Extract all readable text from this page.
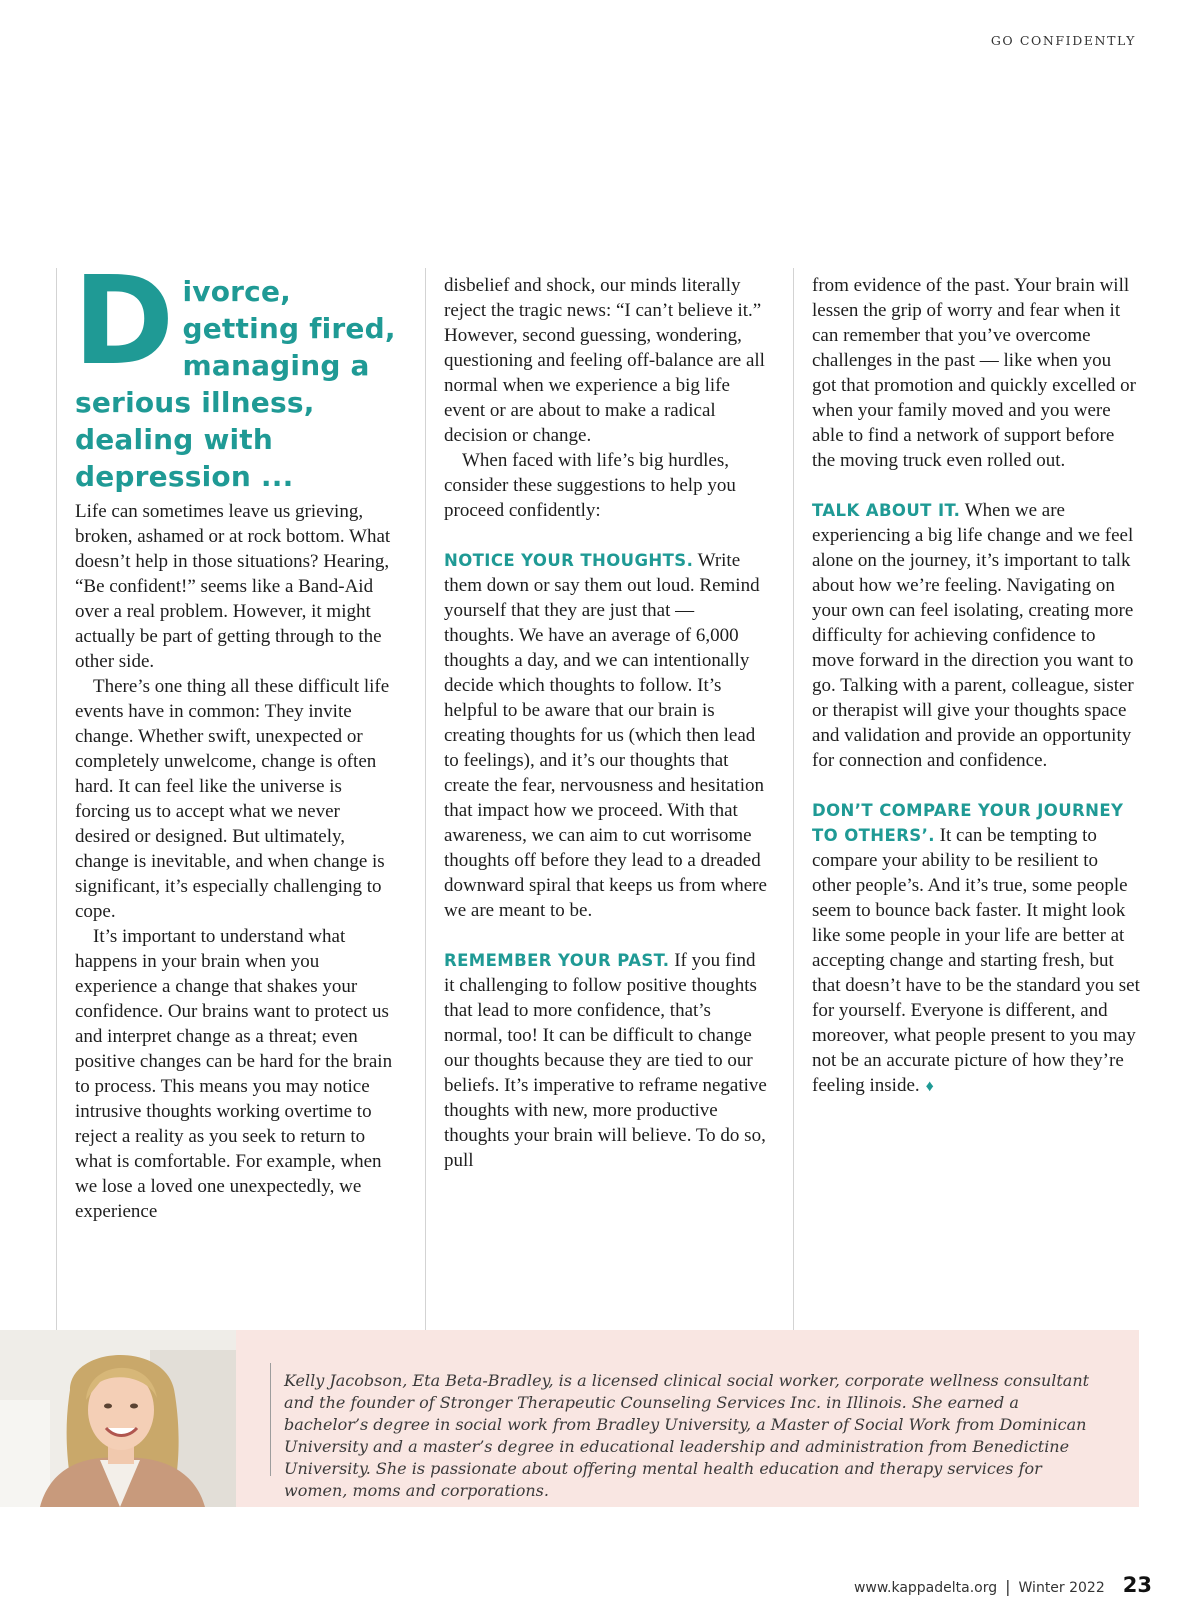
GO CONFIDENTLY
Divorce, getting fired, managing a serious illness, dealing with depression ...

Life can sometimes leave us grieving, broken, ashamed or at rock bottom. What doesn’t help in those situations? Hearing, “Be confident!” seems like a Band-Aid over a real problem. However, it might actually be part of getting through to the other side.

There’s one thing all these difficult life events have in common: They invite change. Whether swift, unexpected or completely unwelcome, change is often hard. It can feel like the universe is forcing us to accept what we never desired or designed. But ultimately, change is inevitable, and when change is significant, it’s especially challenging to cope.

It’s important to understand what happens in your brain when you experience a change that shakes your confidence. Our brains want to protect us and interpret change as a threat; even positive changes can be hard for the brain to process. This means you may notice intrusive thoughts working overtime to reject a reality as you seek to return to what is comfortable. For example, when we lose a loved one unexpectedly, we experience

disbelief and shock, our minds literally reject the tragic news: “I can’t believe it.” However, second guessing, wondering, questioning and feeling off-balance are all normal when we experience a big life event or are about to make a radical decision or change.

When faced with life’s big hurdles, consider these suggestions to help you proceed confidently:

NOTICE YOUR THOUGHTS. Write them down or say them out loud. Remind yourself that they are just that — thoughts. We have an average of 6,000 thoughts a day, and we can intentionally decide which thoughts to follow. It’s helpful to be aware that our brain is creating thoughts for us (which then lead to feelings), and it’s our thoughts that create the fear, nervousness and hesitation that impact how we proceed. With that awareness, we can aim to cut worrisome thoughts off before they lead to a dreaded downward spiral that keeps us from where we are meant to be.

REMEMBER YOUR PAST. If you find it challenging to follow positive thoughts that lead to more confidence, that’s normal, too! It can be difficult to change our thoughts because they are tied to our beliefs. It’s imperative to reframe negative thoughts with new, more productive thoughts your brain will believe. To do so, pull

from evidence of the past. Your brain will lessen the grip of worry and fear when it can remember that you’ve overcome challenges in the past — like when you got that promotion and quickly excelled or when your family moved and you were able to find a network of support before the moving truck even rolled out.

TALK ABOUT IT. When we are experiencing a big life change and we feel alone on the journey, it’s important to talk about how we’re feeling. Navigating on your own can feel isolating, creating more difficulty for achieving confidence to move forward in the direction you want to go. Talking with a parent, colleague, sister or therapist will give your thoughts space and validation and provide an opportunity for connection and confidence.

DON’T COMPARE YOUR JOURNEY TO OTHERS’. It can be tempting to compare your ability to be resilient to other people’s. And it’s true, some people seem to bounce back faster. It might look like some people in your life are better at accepting change and starting fresh, but that doesn’t have to be the standard you set for yourself. Everyone is different, and moreover, what people present to you may not be an accurate picture of how they’re feeling inside. ♦

Kelly Jacobson, Eta Beta-Bradley, is a licensed clinical social worker, corporate wellness consultant and the founder of Stronger Therapeutic Counseling Services Inc. in Illinois. She earned a bachelor’s degree in social work from Bradley University, a Master of Social Work from Dominican University and a master’s degree in educational leadership and administration from Benedictine University. She is passionate about offering mental health education and therapy services for women, moms and corporations.
www.kappadelta.org | Winter 2022 23
